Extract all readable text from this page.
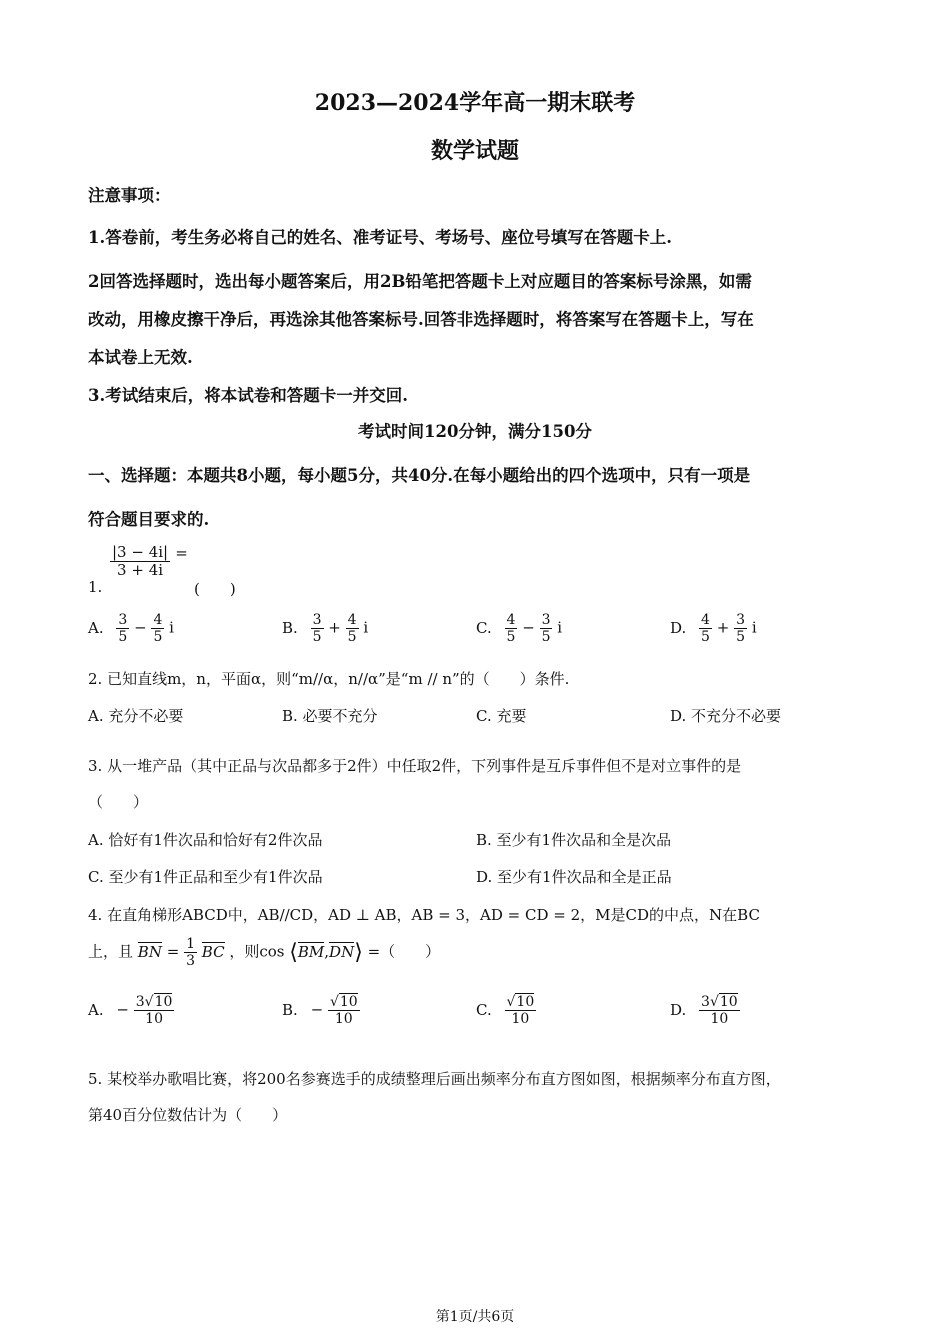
2023—2024学年高一期末联考
数学试题
注意事项：
1.答卷前，考生务必将自己的姓名、准考证号、考场号、座位号填写在答题卡上.
2回答选择题时，选出每小题答案后，用2B铅笔把答题卡上对应题目的答案标号涂黑，如需
改动，用橡皮擦干净后，再选涂其他答案标号.回答非选择题时，将答案写在答题卡上，写在
本试卷上无效.
3.考试结束后，将本试卷和答题卡一并交回.
考试时间120分钟，满分150分
一、选择题：本题共8小题，每小题5分，共40分.在每小题给出的四个选项中，只有一项是
符合题目要求的.
1.
$\frac{|3 - 4i|}{3 + 4i}$ =
(　　)
A. $\frac{3}{5} - \frac{4}{5}$ i	B. $\frac{3}{5} + \frac{4}{5}$ i	C. $\frac{4}{5} - \frac{3}{5}$ i	D. $\frac{4}{5} + \frac{3}{5}$ i
2. 已知直线m，n，平面α，则“m//α，n//α”是“m // n”的（　　）条件.
A. 充分不必要	B. 必要不充分	C. 充要	D. 不充分不必要
3. 从一堆产品（其中正品与次品都多于2件）中任取2件，下列事件是互斥事件但不是对立事件的是
（　　）
A. 恰好有1件次品和恰好有2件次品	B. 至少有1件次品和全是次品
C. 至少有1件正品和至少有1件次品	D. 至少有1件次品和全是正品
4. 在直角梯形ABCD中，AB//CD，AD ⊥ AB，AB = 3，AD = CD = 2，M是CD的中点，N在BC
上，且 BN = $\frac{1}{3}$ BC ，则cos ⟨BM,DN⟩ =（　　）
A. − $\frac{3√10}{10}$	B. − $\frac{√10}{10}$	C. $\frac{√10}{10}$	D. $\frac{3√10}{10}$
5. 某校举办歌唱比赛，将200名参赛选手的成绩整理后画出频率分布直方图如图，根据频率分布直方图，
第40百分位数估计为（　　）
第1页/共6页
